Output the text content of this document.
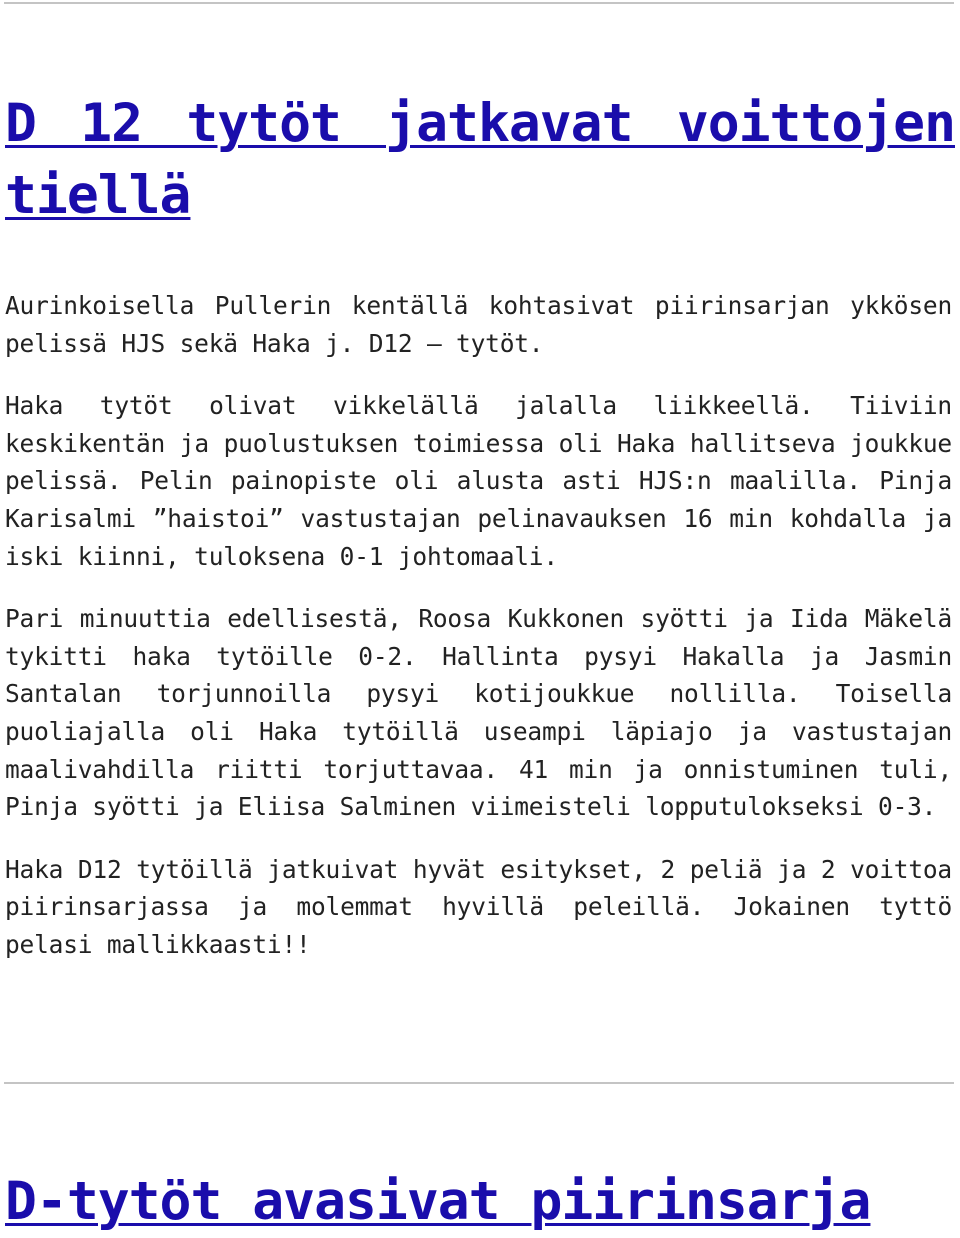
D 12 tytöt jatkavat voittojen tiellä

Aurinkoisella Pullerin kentällä kohtasivat piirinsarjan ykkösen pelissä HJS sekä Haka j. D12 – tytöt.

Haka tytöt olivat vikkelällä jalalla liikkeellä. Tiiviin keskikentän ja puolustuksen toimiessa oli Haka hallitseva joukkue pelissä. Pelin painopiste oli alusta asti HJS:n maalilla. Pinja Karisalmi ”haistoi” vastustajan pelinavauksen 16 min kohdalla ja iski kiinni, tuloksena 0-1 johtomaali.

Pari minuuttia edellisestä, Roosa Kukkonen syötti ja Iida Mäkelä tykitti haka tytöille 0-2. Hallinta pysyi Hakalla ja Jasmin Santalan torjunnoilla pysyi kotijoukkue nollilla. Toisella puoliajalla oli Haka tytöillä useampi läpiajo ja vastustajan maalivahdilla riitti torjuttavaa. 41 min ja onnistuminen tuli, Pinja syötti ja Eliisa Salminen viimeisteli lopputulokseksi 0-3.

Haka D12 tytöillä jatkuivat hyvät esitykset, 2 peliä ja 2 voittoa piirinsarjassa ja molemmat hyvillä peleillä. Jokainen tyttö pelasi mallikkaasti!!

D-tytöt avasivat piirinsarja
